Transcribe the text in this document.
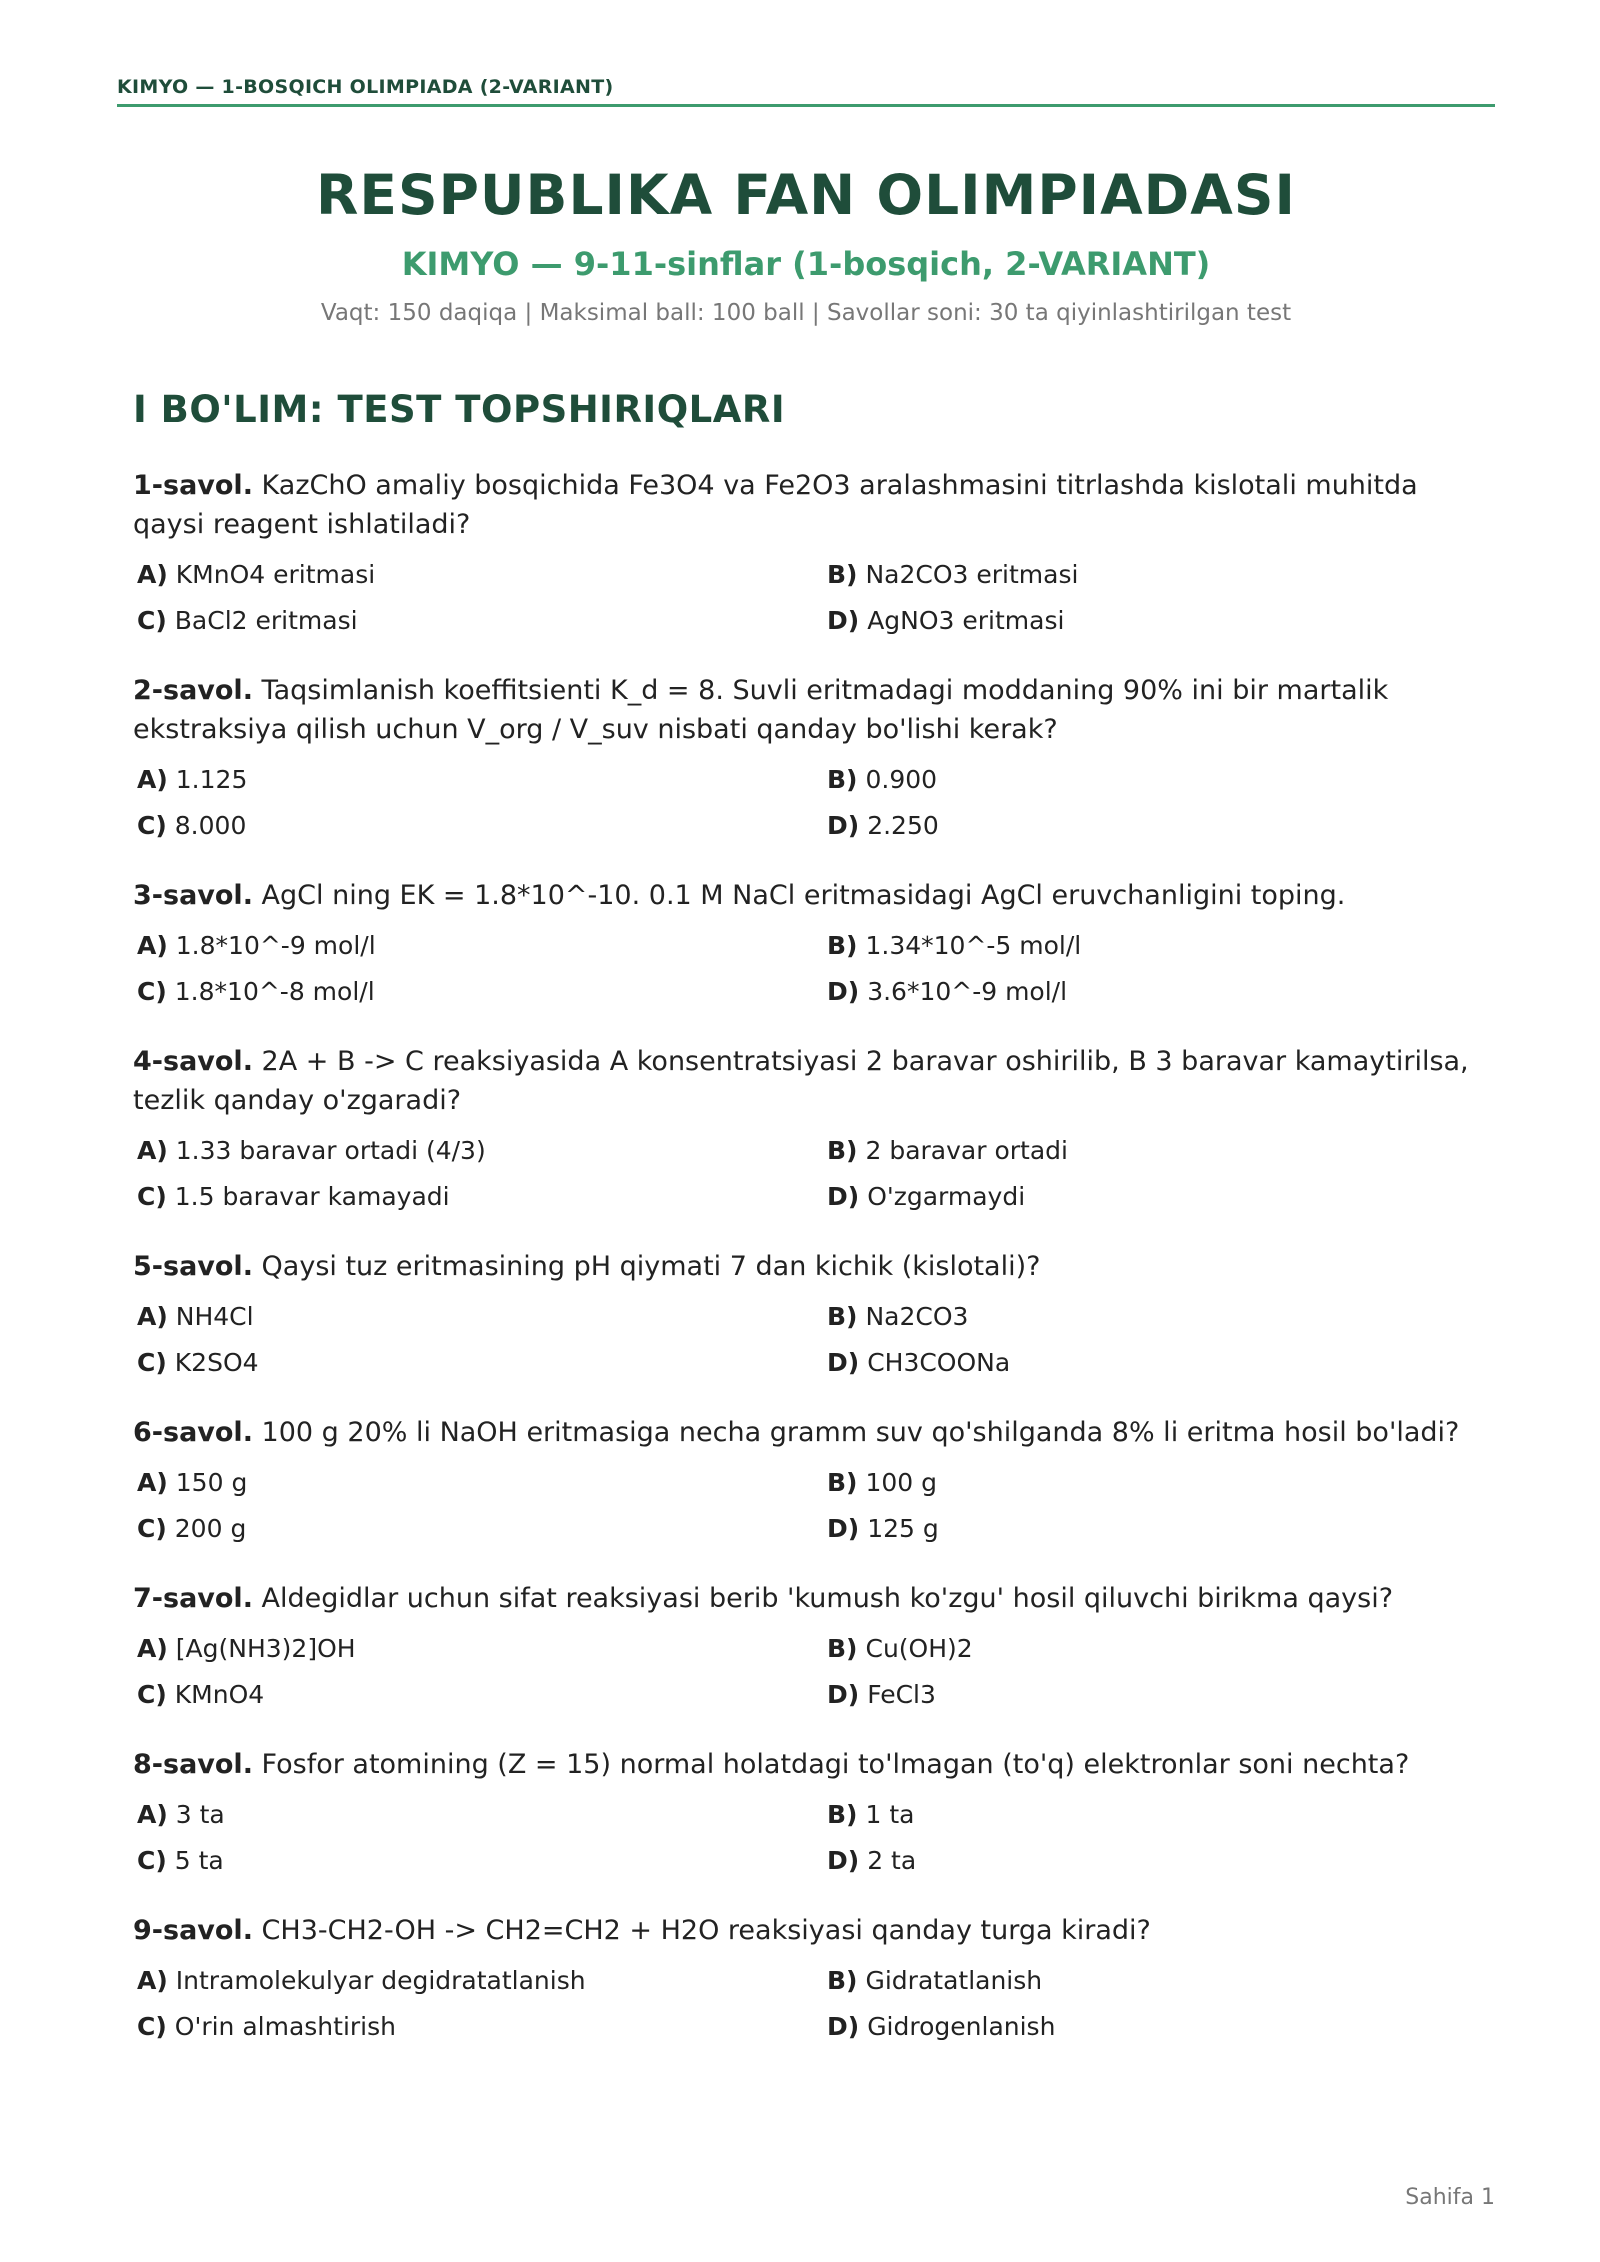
KIMYO — 1-BOSQICH OLIMPIADA (2-VARIANT)
RESPUBLIKA FAN OLIMPIADASI
KIMYO — 9-11-sinflar (1-bosqich, 2-VARIANT)
Vaqt: 150 daqiqa | Maksimal ball: 100 ball | Savollar soni: 30 ta qiyinlashtirilgan test
I BO'LIM: TEST TOPSHIRIQLARI
1-savol. KazChO amaliy bosqichida Fe3O4 va Fe2O3 aralashmasini titrlashda kislotali muhitda qaysi reagent ishlatiladi?
A) KMnO4 eritmasi	B) Na2CO3 eritmasi
C) BaCl2 eritmasi	D) AgNO3 eritmasi
2-savol. Taqsimlanish koeffitsienti K_d = 8. Suvli eritmadagi moddaning 90% ini bir martalik ekstraksiya qilish uchun V_org / V_suv nisbati qanday bo'lishi kerak?
A) 1.125	B) 0.900
C) 8.000	D) 2.250
3-savol. AgCl ning EK = 1.8*10^-10. 0.1 M NaCl eritmasidagi AgCl eruvchanligini toping.
A) 1.8*10^-9 mol/l	B) 1.34*10^-5 mol/l
C) 1.8*10^-8 mol/l	D) 3.6*10^-9 mol/l
4-savol. 2A + B -> C reaksiyasida A konsentratsiyasi 2 baravar oshirilib, B 3 baravar kamaytirilsa, tezlik qanday o'zgaradi?
A) 1.33 baravar ortadi (4/3)	B) 2 baravar ortadi
C) 1.5 baravar kamayadi	D) O'zgarmaydi
5-savol. Qaysi tuz eritmasining pH qiymati 7 dan kichik (kislotali)?
A) NH4Cl	B) Na2CO3
C) K2SO4	D) CH3COONa
6-savol. 100 g 20% li NaOH eritmasiga necha gramm suv qo'shilganda 8% li eritma hosil bo'ladi?
A) 150 g	B) 100 g
C) 200 g	D) 125 g
7-savol. Aldegidlar uchun sifat reaksiyasi berib 'kumush ko'zgu' hosil qiluvchi birikma qaysi?
A) [Ag(NH3)2]OH	B) Cu(OH)2
C) KMnO4	D) FeCl3
8-savol. Fosfor atomining (Z = 15) normal holatdagi to'lmagan (to'q) elektronlar soni nechta?
A) 3 ta	B) 1 ta
C) 5 ta	D) 2 ta
9-savol. CH3-CH2-OH -> CH2=CH2 + H2O reaksiyasi qanday turga kiradi?
A) Intramolekulyar degidratatlanish	B) Gidratatlanish
C) O'rin almashtirish	D) Gidrogenlanish
Sahifa 1
